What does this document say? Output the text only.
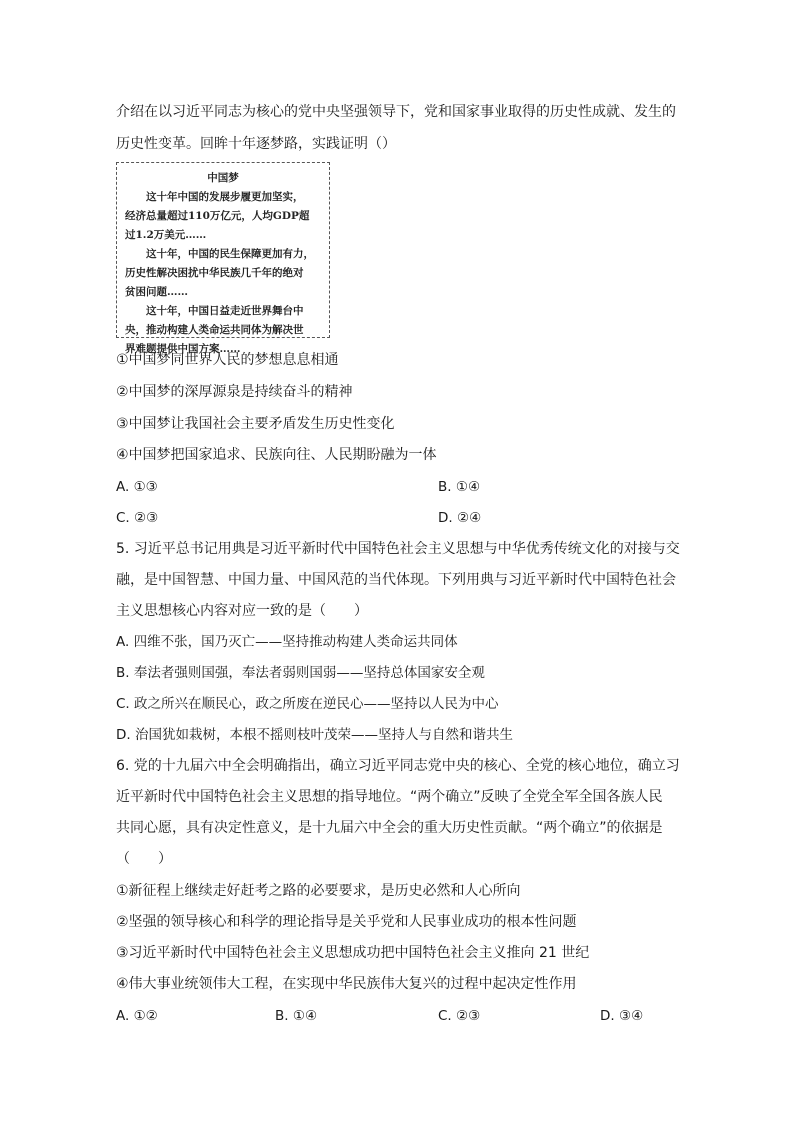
介绍在以习近平同志为核心的党中央坚强领导下，党和国家事业取得的历史性成就、发生的
历史性变革。回眸十年逐梦路，实践证明（）
中国梦

　　这十年中国的发展步履更加坚实，

经济总量超过110万亿元，人均GDP超

过1.2万美元……

　　这十年，中国的民生保障更加有力，

历史性解决困扰中华民族几千年的绝对

贫困问题……

　　这十年，中国日益走近世界舞台中

央，推动构建人类命运共同体为解决世

界难题提供中国方案……

①中国梦同世界人民的梦想息息相通
②中国梦的深厚源泉是持续奋斗的精神
③中国梦让我国社会主要矛盾发生历史性变化
④中国梦把国家追求、民族向往、人民期盼融为一体
A. ①③	B. ①④
C. ②③	D. ②④
5. 习近平总书记用典是习近平新时代中国特色社会主义思想与中华优秀传统文化的对接与交
融，是中国智慧、中国力量、中国风范的当代体现。下列用典与习近平新时代中国特色社会
主义思想核心内容对应一致的是（　　）
A. 四维不张，国乃灭亡——坚持推动构建人类命运共同体
B. 奉法者强则国强，奉法者弱则国弱——坚持总体国家安全观
C. 政之所兴在顺民心，政之所废在逆民心——坚持以人民为中心
D. 治国犹如栽树，本根不摇则枝叶茂荣——坚持人与自然和谐共生
6. 党的十九届六中全会明确指出，确立习近平同志党中央的核心、全党的核心地位，确立习
近平新时代中国特色社会主义思想的指导地位。“两个确立”反映了全党全军全国各族人民
共同心愿，具有决定性意义，是十九届六中全会的重大历史性贡献。“两个确立”的依据是
（　　）
①新征程上继续走好赶考之路的必要要求，是历史必然和人心所向
②坚强的领导核心和科学的理论指导是关乎党和人民事业成功的根本性问题
③习近平新时代中国特色社会主义思想成功把中国特色社会主义推向 21 世纪
④伟大事业统领伟大工程，在实现中华民族伟大复兴的过程中起决定性作用
A. ①②	B. ①④	C. ②③	D. ③④
